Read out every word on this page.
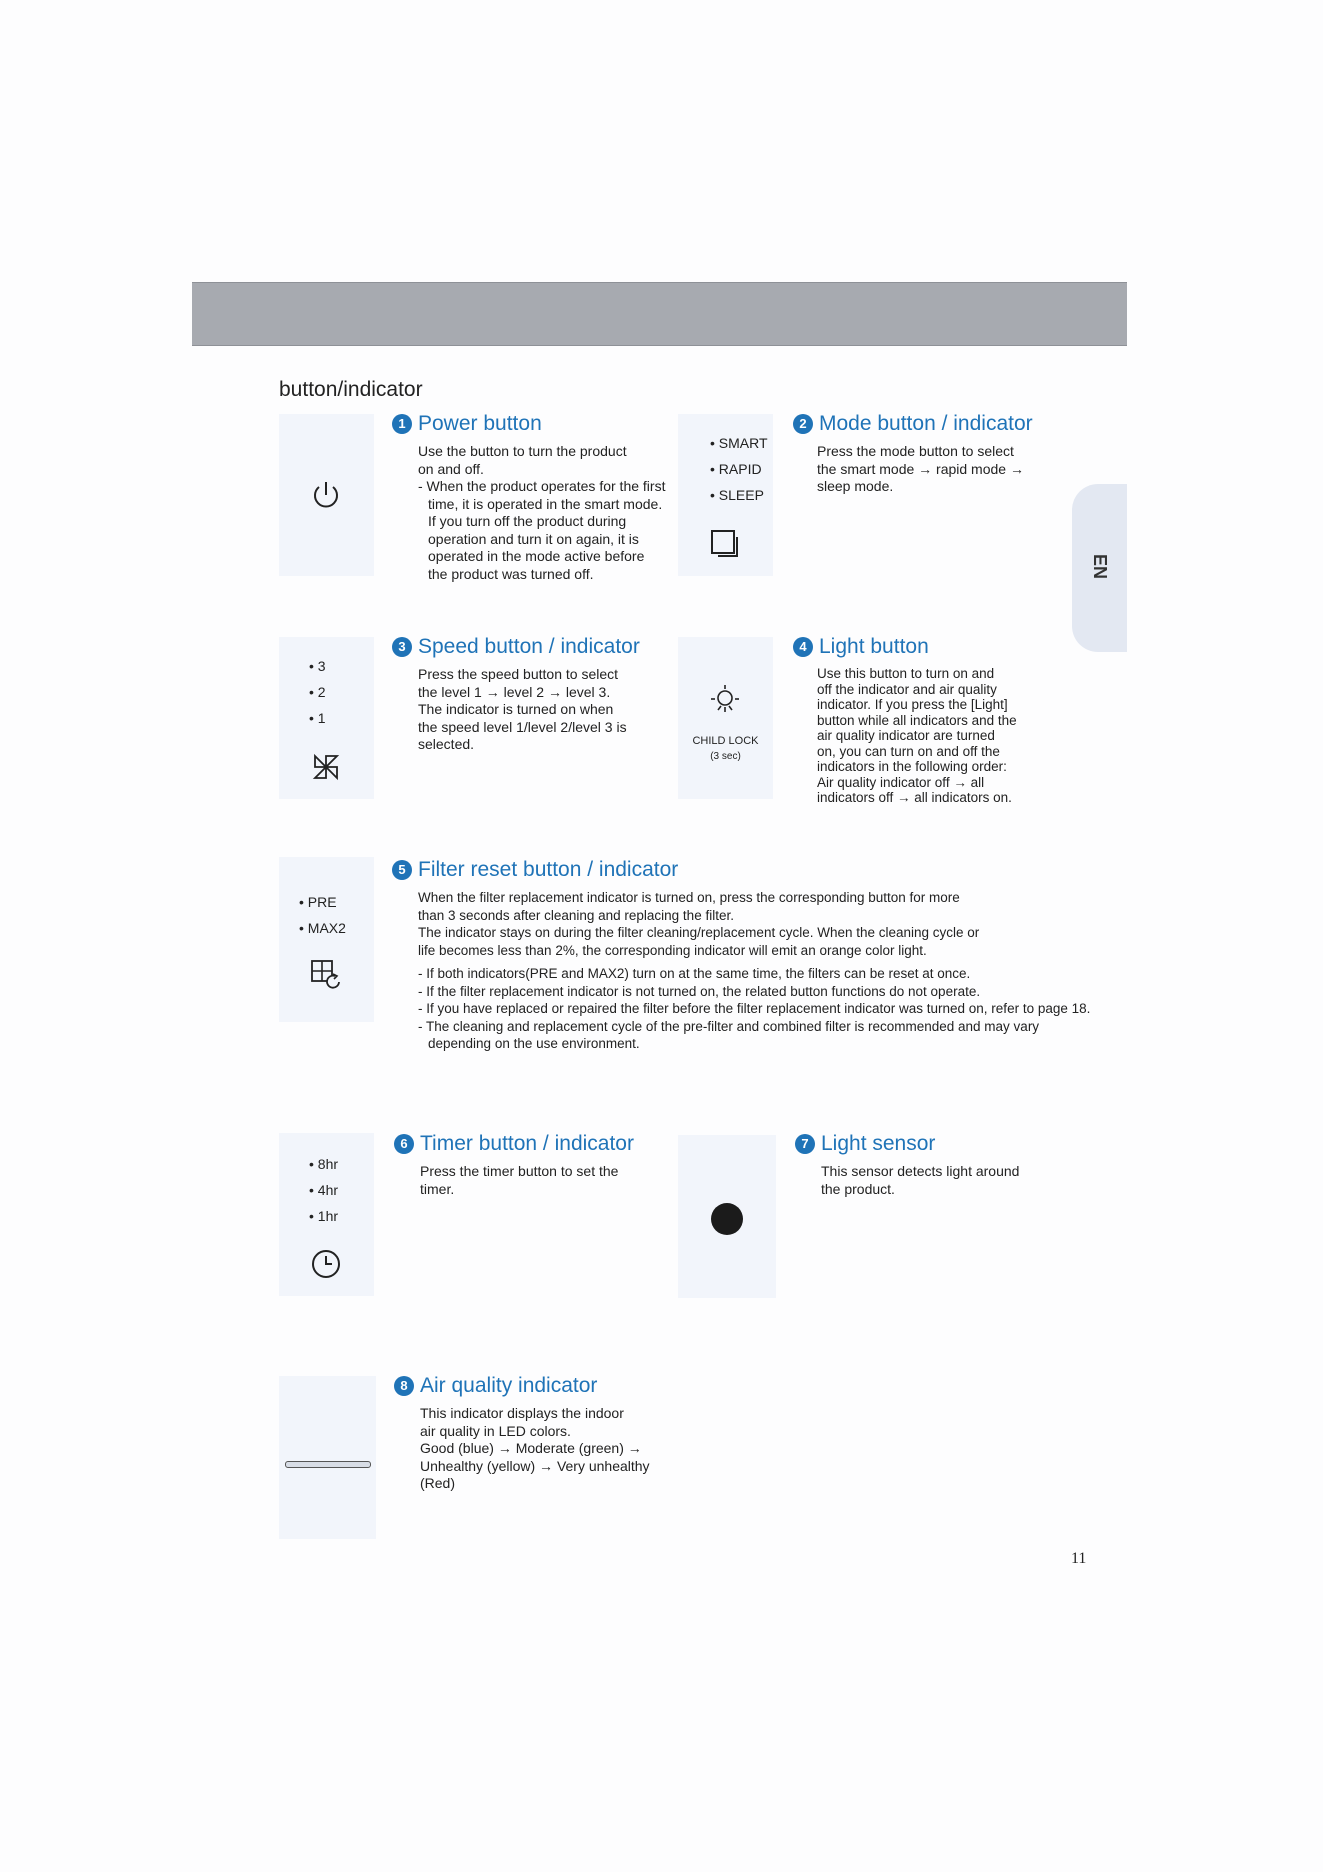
button/indicator
EN
1 Power button

Use the button to turn the product

on and off.

- When the product operates for the first time, it is operated in the smart mode. If you turn off the product during operation and turn it on again, it is operated in the mode active before the product was turned off.

• SMART
• RAPID
• SLEEP
2 Mode button / indicator

Press the mode button to select

the smart mode → rapid mode →

sleep mode.

• 3
• 2
• 1
3 Speed button / indicator

Press the speed button to select

the level 1 → level 2 → level 3.

The indicator is turned on when

the speed level 1/level 2/level 3 is

selected.	CHILD LOCK
(3 sec)
4 Light button

Use this button to turn on and

off the indicator and air quality

indicator. If you press the [Light]

button while all indicators and the

air quality indicator are turned

on, you can turn on and off the

indicators in the following order:

Air quality indicator off → all

indicators off → all indicators on.

• PRE
• MAX2
5 Filter reset button / indicator

When the filter replacement indicator is turned on, press the corresponding button for more

than 3 seconds after cleaning and replacing the filter.

The indicator stays on during the filter cleaning/replacement cycle. When the cleaning cycle or

life becomes less than 2%, the corresponding indicator will emit an orange color light.

- If both indicators(PRE and MAX2) turn on at the same time, the filters can be reset at once.

- If the filter replacement indicator is not turned on, the related button functions do not operate.

- If you have replaced or repaired the filter before the filter replacement indicator was turned on, refer to page 18.

- The cleaning and replacement cycle of the pre-filter and combined filter is recommended and may vary depending on the use environment.

• 8hr
• 4hr
• 1hr
6 Timer button / indicator

Press the timer button to set the

timer.

7 Light sensor

This sensor detects light around

the product.

8 Air quality indicator

This indicator displays the indoor

air quality in LED colors.

Good (blue) → Moderate (green) →

Unhealthy (yellow) → Very unhealthy

(Red)

11
